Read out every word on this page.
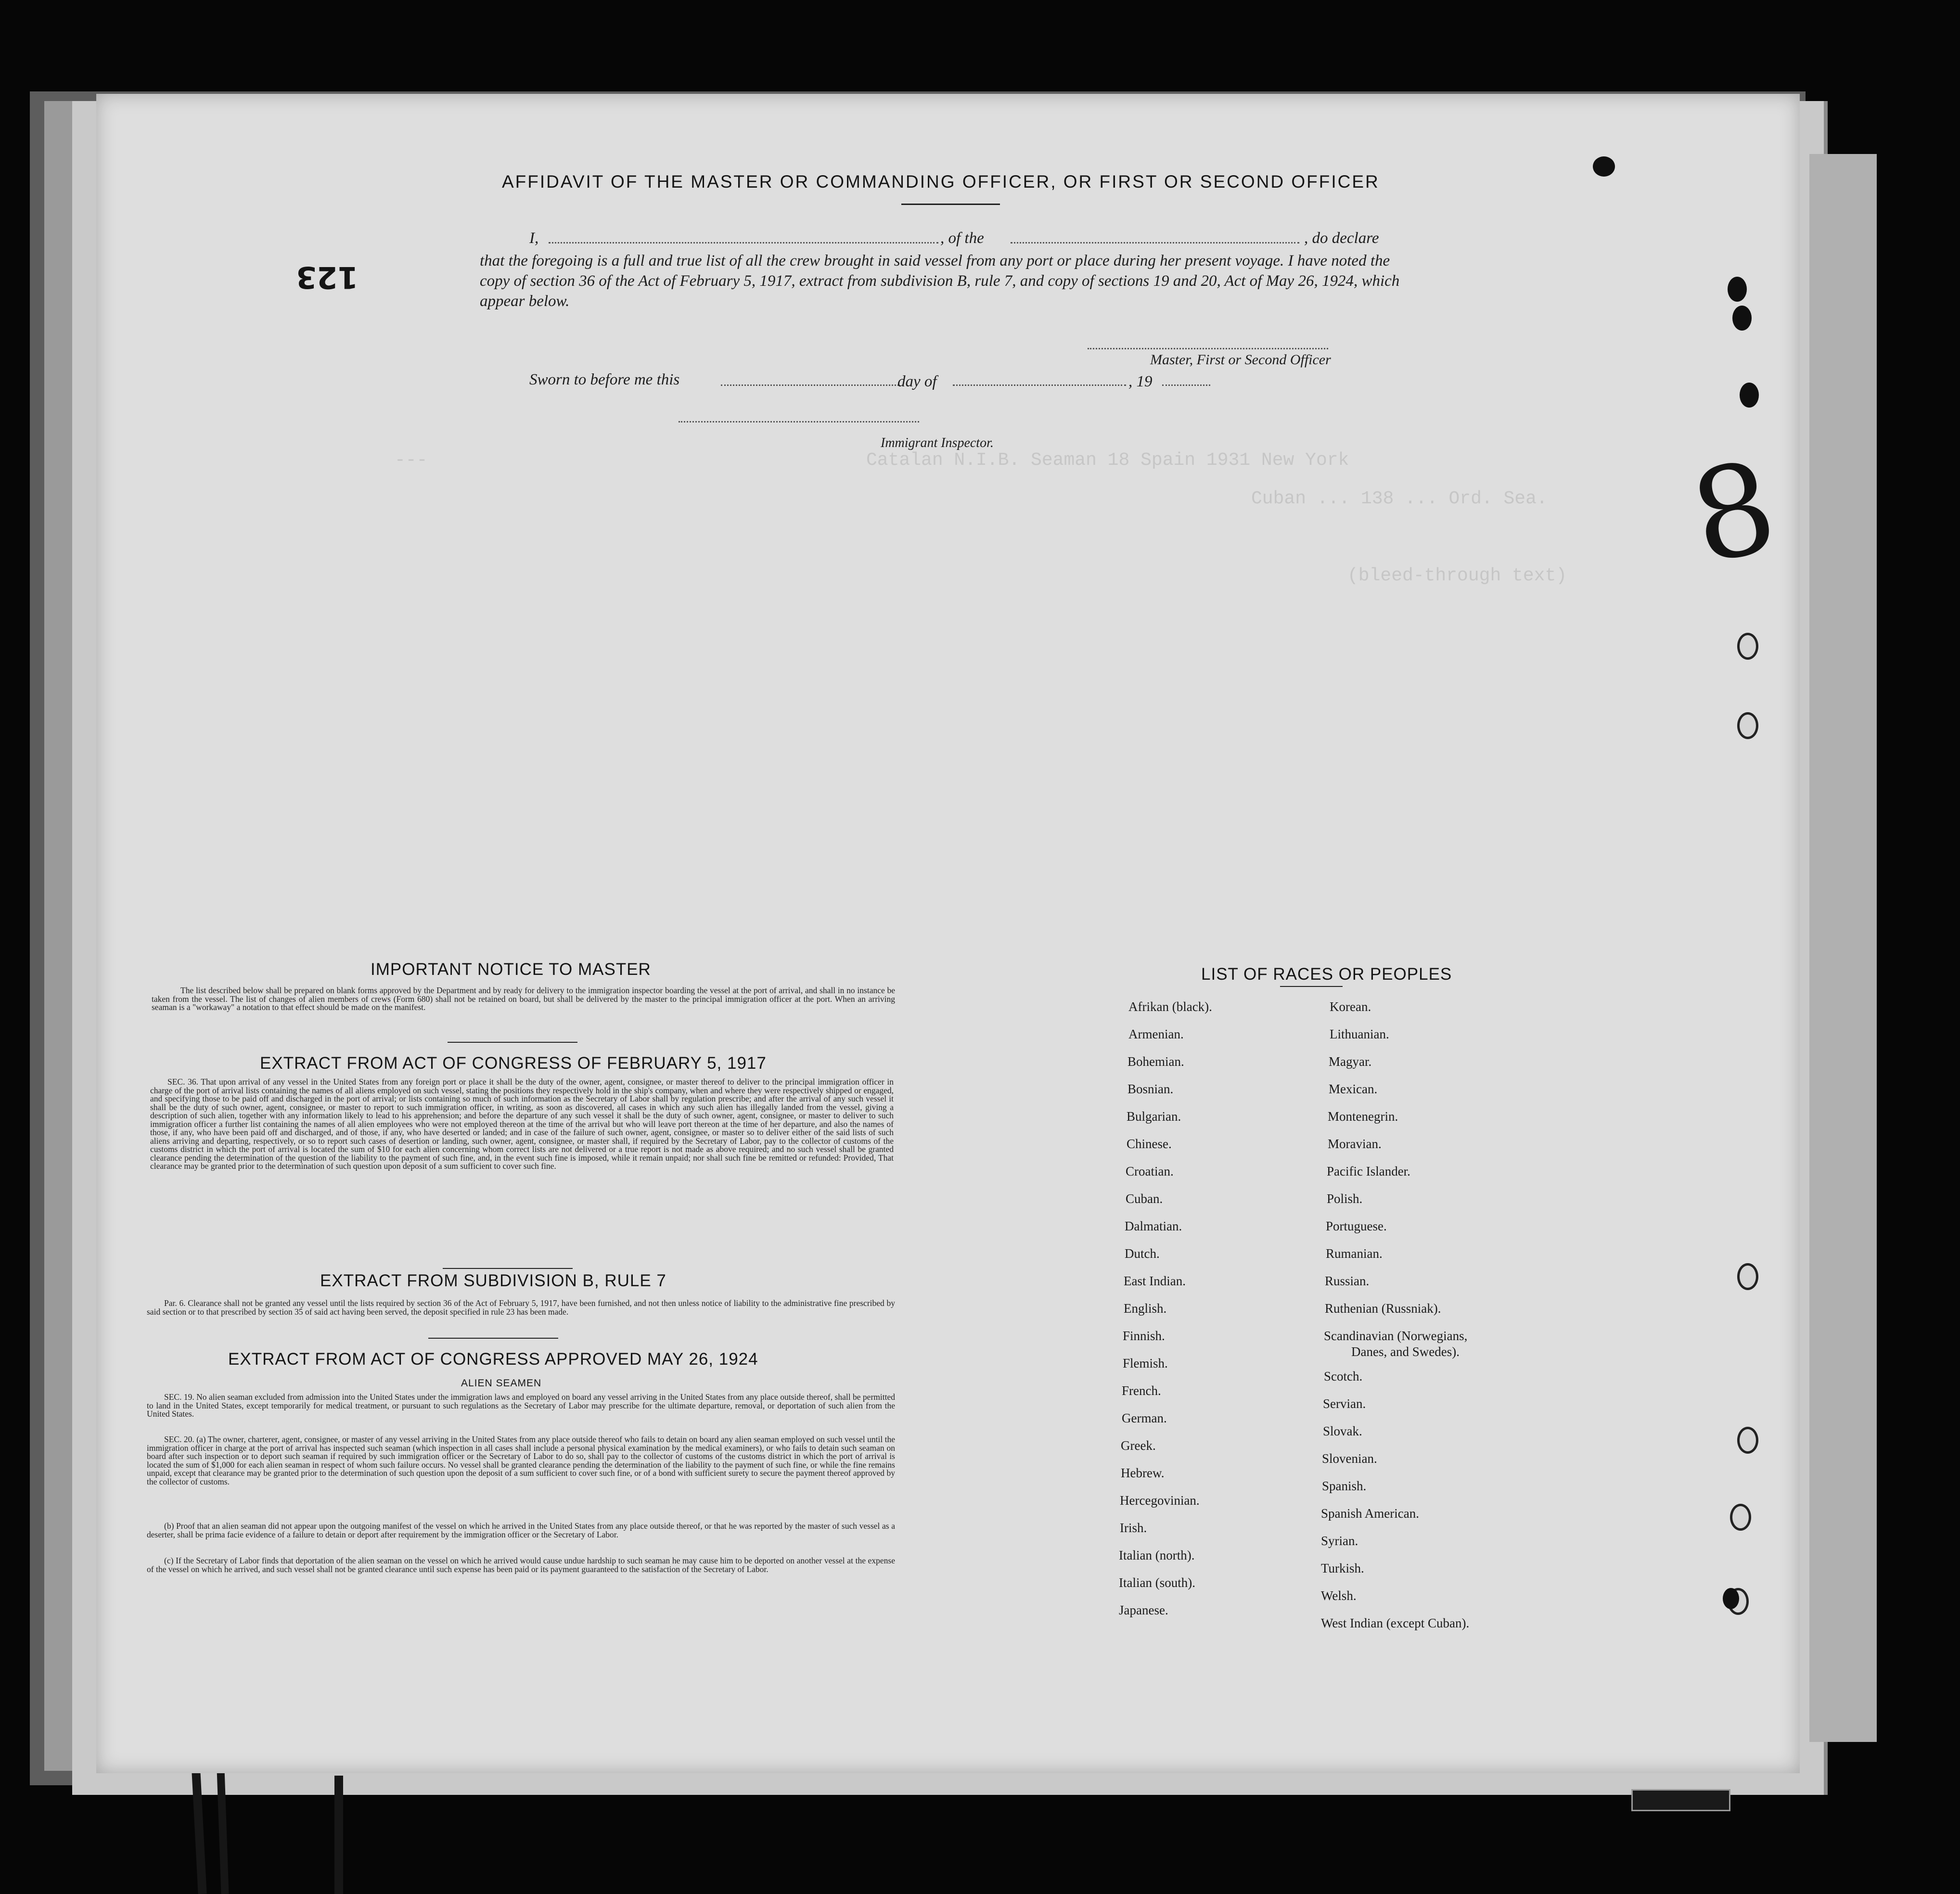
---	Catalan N.I.B. Seaman 18 Spain 1931 New York
Cuban ... 138 ... Ord. Sea.
(bleed-through text) 8
123
AFFIDAVIT OF THE MASTER OR COMMANDING OFFICER, OR FIRST OR SECOND OFFICER
I,	, of the	, do declare
that the foregoing is a full and true list of all the crew brought in said vessel from any port or place during her present voyage. I have noted the copy of section 36 of the Act of February 5, 1917, extract from subdivision B, rule 7, and copy of sections 19 and 20, Act of May 26, 1924, which appear below.
Master, First or Second Officer
Sworn to before me this	day of	, 19
Immigrant Inspector.
IMPORTANT NOTICE TO MASTER
The list described below shall be prepared on blank forms approved by the Department and by ready for delivery to the immigration inspector boarding the vessel at the port of arrival, and shall in no instance be taken from the vessel. The list of changes of alien members of crews (Form 680) shall not be retained on board, but shall be delivered by the master to the principal immigration officer at the port. When an arriving seaman is a "workaway" a notation to that effect should be made on the manifest.
EXTRACT FROM ACT OF CONGRESS OF FEBRUARY 5, 1917
SEC. 36. That upon arrival of any vessel in the United States from any foreign port or place it shall be the duty of the owner, agent, consignee, or master thereof to deliver to the principal immigration officer in charge of the port of arrival lists containing the names of all aliens employed on such vessel, stating the positions they respectively hold in the ship's company, when and where they were respectively shipped or engaged, and specifying those to be paid off and discharged in the port of arrival; or lists containing so much of such information as the Secretary of Labor shall by regulation prescribe; and after the arrival of any such vessel it shall be the duty of such owner, agent, consignee, or master to report to such immigration officer, in writing, as soon as discovered, all cases in which any such alien has illegally landed from the vessel, giving a description of such alien, together with any information likely to lead to his apprehension; and before the departure of any such vessel it shall be the duty of such owner, agent, consignee, or master to deliver to such immigration officer a further list containing the names of all alien employees who were not employed thereon at the time of the arrival but who will leave port thereon at the time of her departure, and also the names of those, if any, who have been paid off and discharged, and of those, if any, who have deserted or landed; and in case of the failure of such owner, agent, consignee, or master so to deliver either of the said lists of such aliens arriving and departing, respectively, or so to report such cases of desertion or landing, such owner, agent, consignee, or master shall, if required by the Secretary of Labor, pay to the collector of customs of the customs district in which the port of arrival is located the sum of $10 for each alien concerning whom correct lists are not delivered or a true report is not made as above required; and no such vessel shall be granted clearance pending the determination of the question of the liability to the payment of such fine, and, in the event such fine is imposed, while it remain unpaid; nor shall such fine be remitted or refunded: Provided, That clearance may be granted prior to the determination of such question upon deposit of a sum sufficient to cover such fine.
EXTRACT FROM SUBDIVISION B, RULE 7
Par. 6. Clearance shall not be granted any vessel until the lists required by section 36 of the Act of February 5, 1917, have been furnished, and not then unless notice of liability to the administrative fine prescribed by said section or to that prescribed by section 35 of said act having been served, the deposit specified in rule 23 has been made.
EXTRACT FROM ACT OF CONGRESS APPROVED MAY 26, 1924
ALIEN SEAMEN
SEC. 19. No alien seaman excluded from admission into the United States under the immigration laws and employed on board any vessel arriving in the United States from any place outside thereof, shall be permitted to land in the United States, except temporarily for medical treatment, or pursuant to such regulations as the Secretary of Labor may prescribe for the ultimate departure, removal, or deportation of such alien from the United States.
SEC. 20. (a) The owner, charterer, agent, consignee, or master of any vessel arriving in the United States from any place outside thereof who fails to detain on board any alien seaman employed on such vessel until the immigration officer in charge at the port of arrival has inspected such seaman (which inspection in all cases shall include a personal physical examination by the medical examiners), or who fails to detain such seaman on board after such inspection or to deport such seaman if required by such immigration officer or the Secretary of Labor to do so, shall pay to the collector of customs of the customs district in which the port of arrival is located the sum of $1,000 for each alien seaman in respect of whom such failure occurs. No vessel shall be granted clearance pending the determination of the liability to the payment of such fine, or while the fine remains unpaid, except that clearance may be granted prior to the determination of such question upon the deposit of a sum sufficient to cover such fine, or of a bond with sufficient surety to secure the payment thereof approved by the collector of customs.
(b) Proof that an alien seaman did not appear upon the outgoing manifest of the vessel on which he arrived in the United States from any place outside thereof, or that he was reported by the master of such vessel as a deserter, shall be prima facie evidence of a failure to detain or deport after requirement by the immigration officer or the Secretary of Labor.
(c) If the Secretary of Labor finds that deportation of the alien seaman on the vessel on which he arrived would cause undue hardship to such seaman he may cause him to be deported on another vessel at the expense of the vessel on which he arrived, and such vessel shall not be granted clearance until such expense has been paid or its payment guaranteed to the satisfaction of the Secretary of Labor.
LIST OF RACES OR PEOPLES
Afrikan (black).
Armenian.
Bohemian.
Bosnian.
Bulgarian.
Chinese.
Croatian.
Cuban.
Dalmatian.
Dutch.
East Indian.
English.
Finnish.
Flemish.
French.
German.
Greek.
Hebrew.
Hercegovinian.
Irish.
Italian (north).
Italian (south).
Japanese.
Korean.
Lithuanian.
Magyar.
Mexican.
Montenegrin.
Moravian.
Pacific Islander.
Polish.
Portuguese.
Rumanian.
Russian.
Ruthenian (Russniak).
Scandinavian (Norwegians,
Danes, and Swedes).
Scotch.
Servian.
Slovak.
Slovenian.
Spanish.
Spanish American.
Syrian.
Turkish.
Welsh.
West Indian (except Cuban).
